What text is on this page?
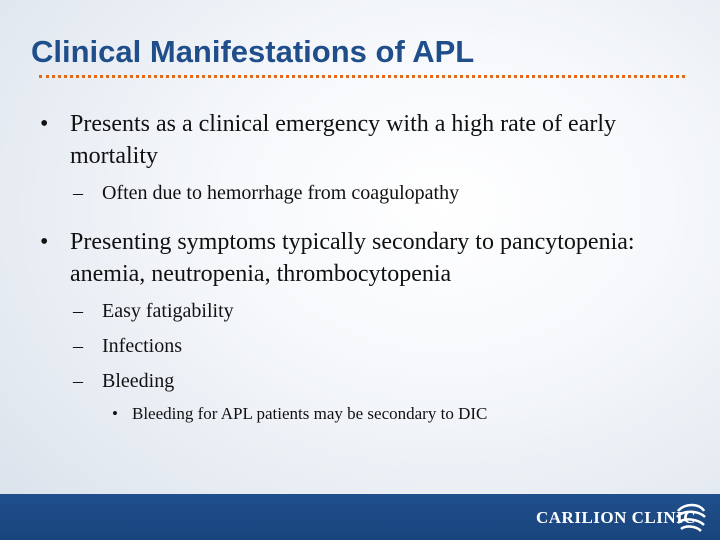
Clinical Manifestations of APL
• Presents as a clinical emergency with a high rate of early mortality
– Often due to hemorrhage from coagulopathy
• Presenting symptoms typically secondary to pancytopenia: anemia, neutropenia, thrombocytopenia
– Easy fatigability
– Infections
– Bleeding
• Bleeding for APL patients may be secondary to DIC
CARILION CLINIC
